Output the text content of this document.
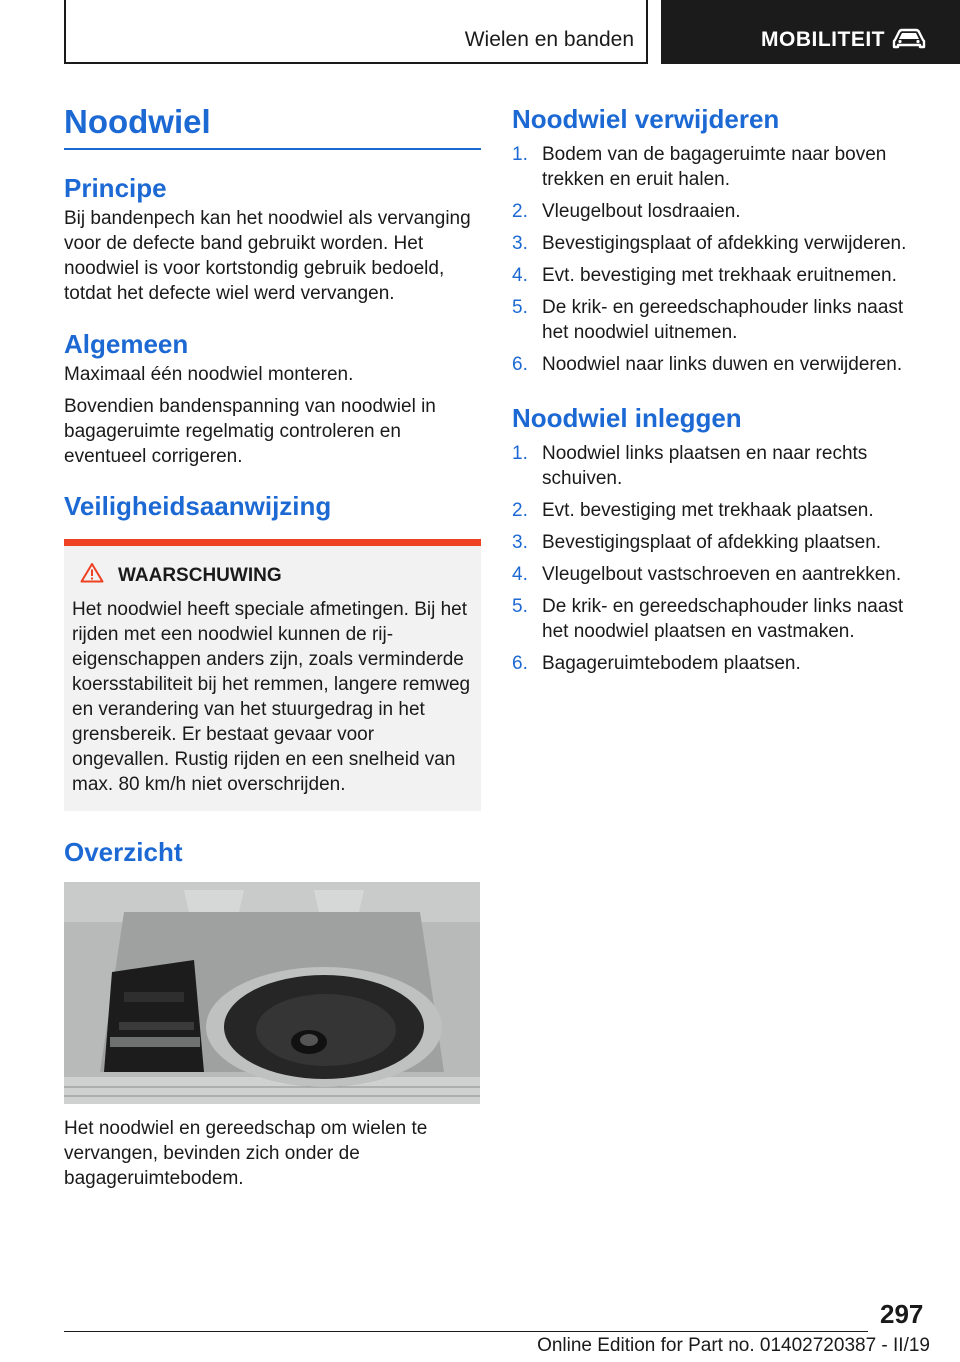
Wielen en banden	MOBILITEIT
Noodwiel
Principe

Bij bandenpech kan het noodwiel als vervanging voor de defecte band gebruikt worden. Het noodwiel is voor kortstondig gebruik bedoeld, totdat het defecte wiel werd vervangen.

Algemeen

Maximaal één noodwiel monteren.

Bovendien bandenspanning van noodwiel in bagageruimte regelmatig controleren en eventueel corrigeren.

Veiligheidsaanwijzing
WAARSCHUWING

Het noodwiel heeft speciale afmetingen. Bij het rijden met een noodwiel kunnen de rij-eigenschappen anders zijn, zoals verminderde koersstabiliteit bij het remmen, langere remweg en verandering van het stuurgedrag in het grensbereik. Er bestaat gevaar voor ongevallen. Rustig rijden en een snelheid van max. 80 km/h niet overschrijden.

Overzicht

Het noodwiel en gereedschap om wielen te vervangen, bevinden zich onder de bagageruimtebodem.

Noodwiel verwijderen
1. Bodem van de bagageruimte naar boven trekken en eruit halen.
2. Vleugelbout losdraaien.
3. Bevestigingsplaat of afdekking verwijderen.
4. Evt. bevestiging met trekhaak eruitnemen.
5. De krik- en gereedschaphouder links naast het noodwiel uitnemen.
6. Noodwiel naar links duwen en verwijderen.
Noodwiel inleggen
1. Noodwiel links plaatsen en naar rechts schuiven.
2. Evt. bevestiging met trekhaak plaatsen.
3. Bevestigingsplaat of afdekking plaatsen.
4. Vleugelbout vastschroeven en aantrekken.
5. De krik- en gereedschaphouder links naast het noodwiel plaatsen en vastmaken.
6. Bagageruimtebodem plaatsen.
297
Online Edition for Part no. 01402720387 - II/19
